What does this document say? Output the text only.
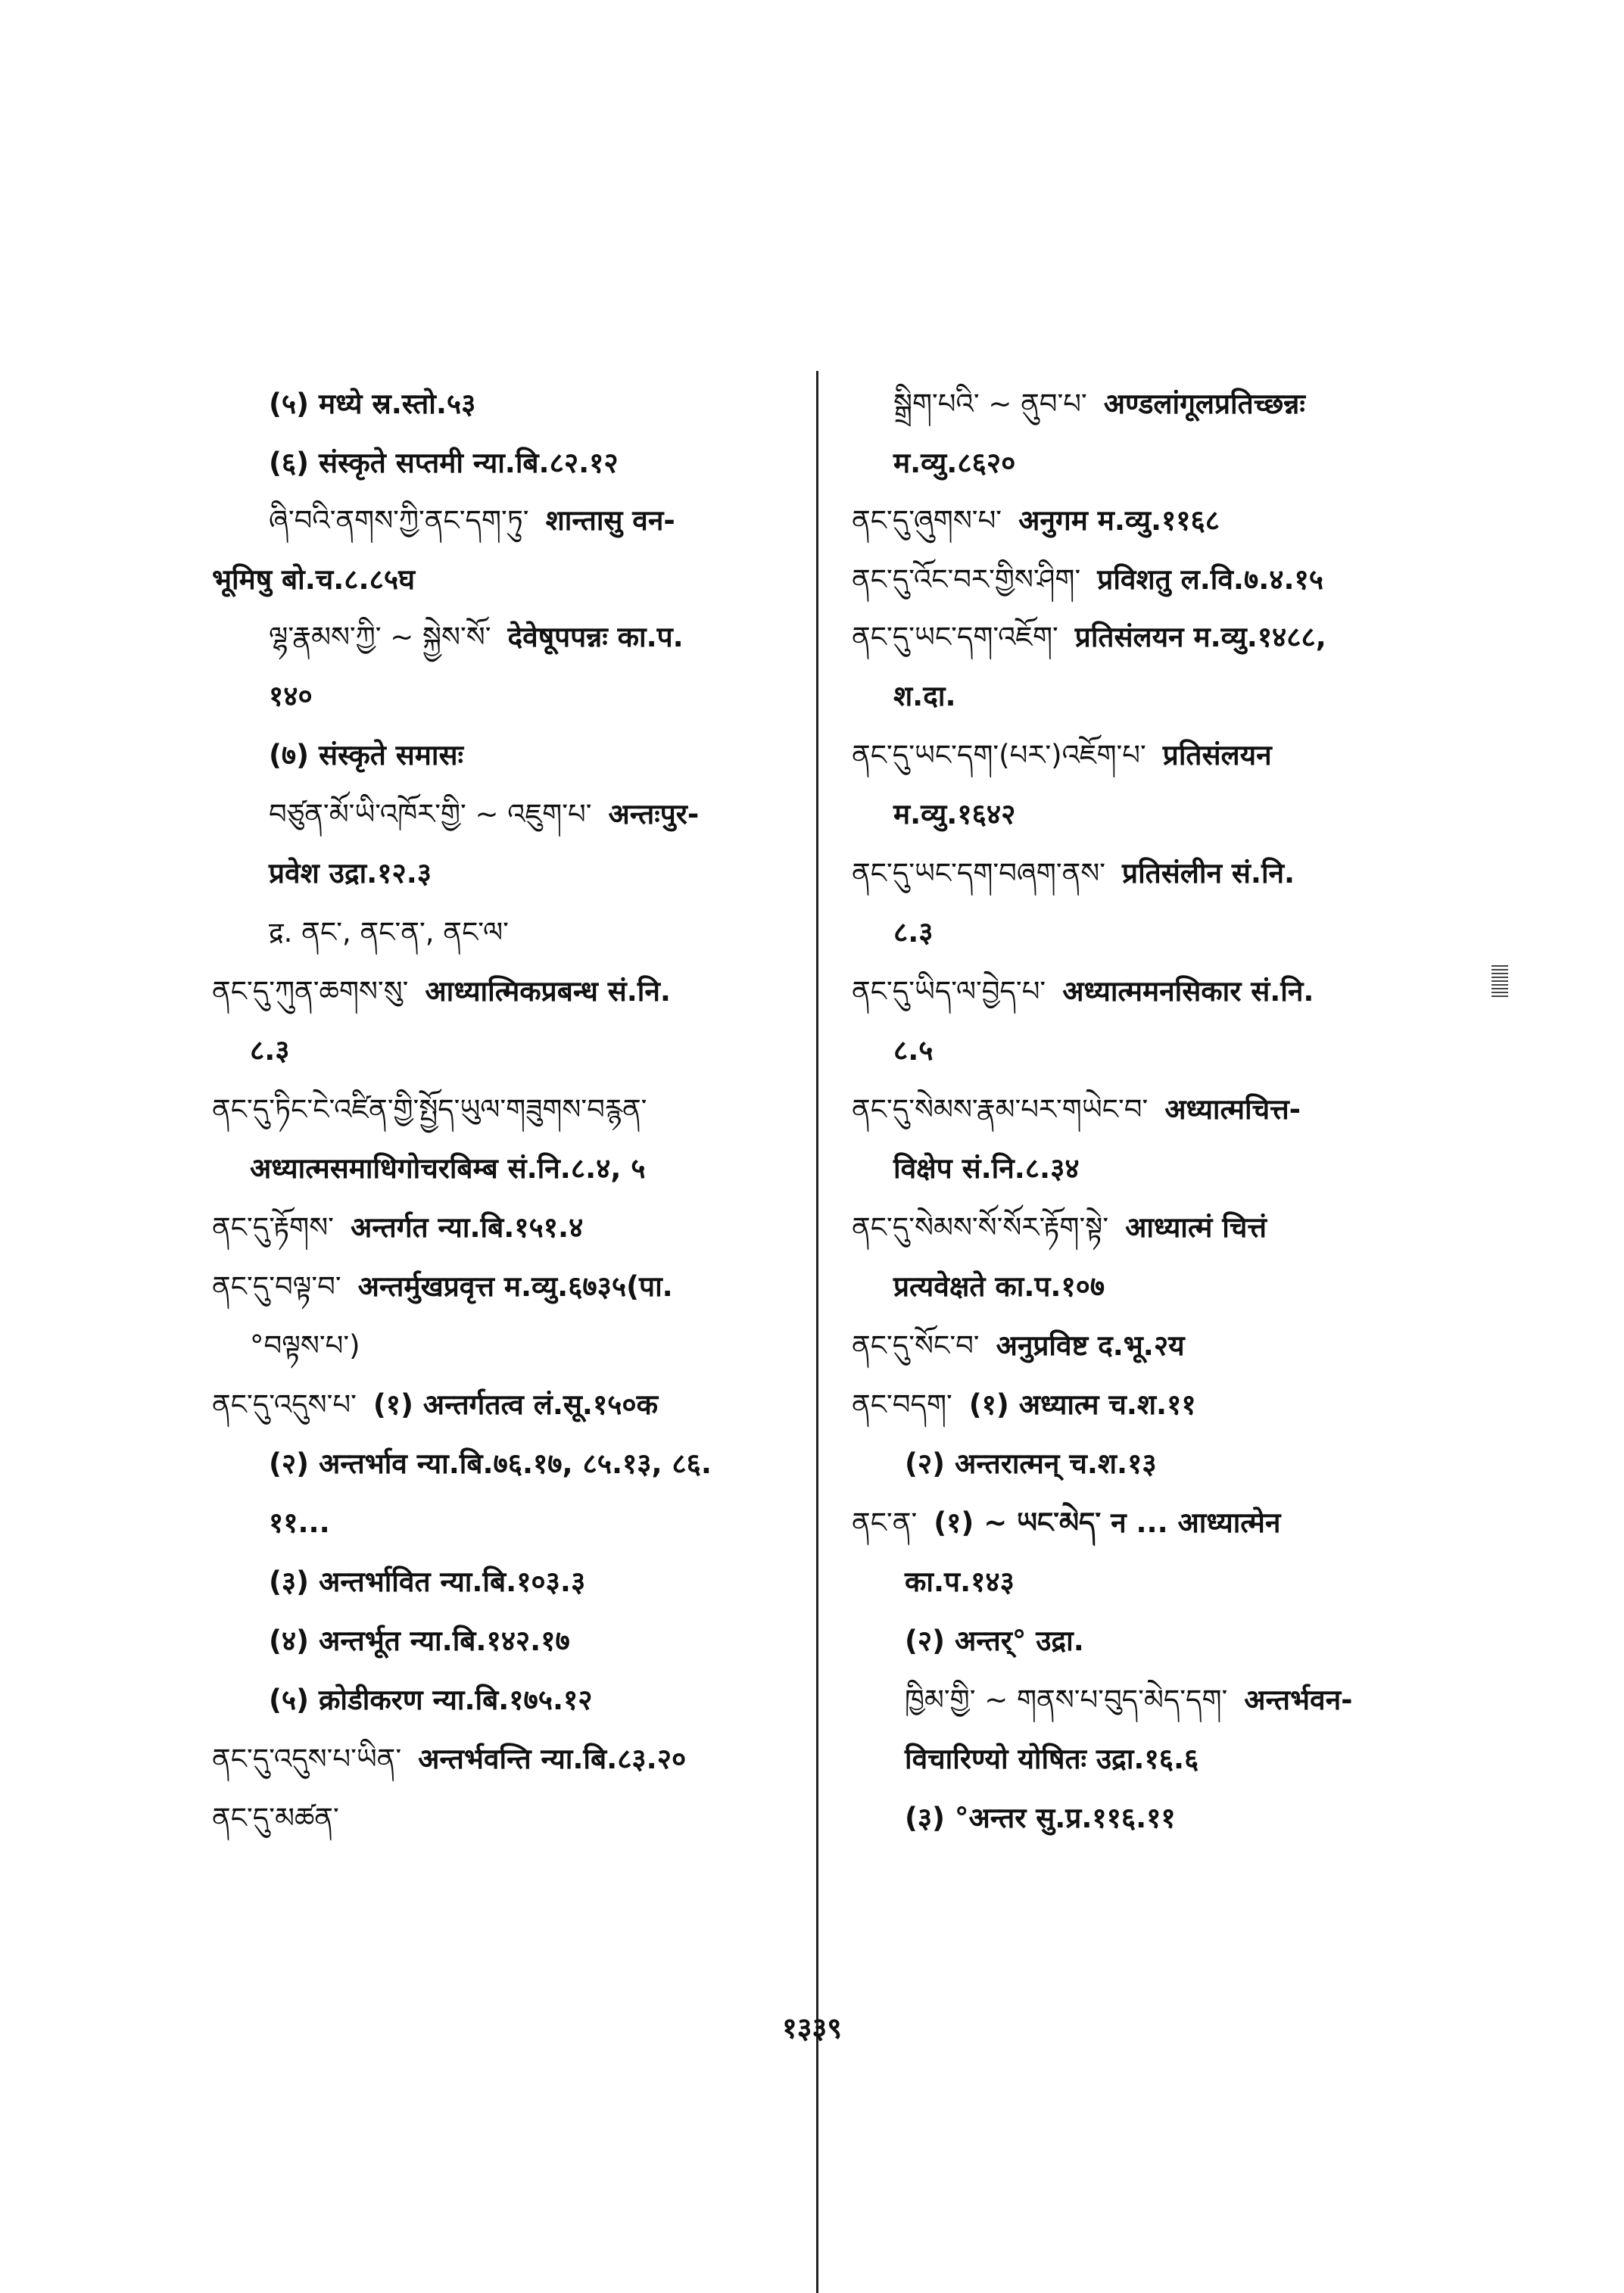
(५) मध्ये स्र.स्तो.५३
(६) संस्कृते सप्तमी न्या.बि.८२.१२
ཞི་བའི་ནགས་ཀྱི་ནང་དག་ཏུ་ शान्तासु वन-
भूमिषु बो.च.८.८५घ
ལྷ་རྣམས་ཀྱི་ ~ སྐྱེས་སོ་ देवेषूपपन्नः का.प.
१४०
(७) संस्कृते समासः
བཙུན་མོ་ཡི་འཁོར་གྱི་ ~ འཇུག་པ་ अन्तःपुर-
प्रवेश उद्रा.१२.३
द्र. ནང་, ནང་ན་, ནང་ལ་
ནང་དུ་ཀུན་ཆགས་སུ་ आध्यात्मिकप्रबन्ध सं.नि.
८.३
ནང་དུ་ཏིང་ངེ་འཛིན་གྱི་སྤྱོད་ཡུལ་གཟུགས་བརྙན་
अध्यात्मसमाधिगोचरबिम्ब सं.नि.८.४, ५
ནང་དུ་རྟོགས་ अन्तर्गत न्या.बि.१५१.४
ནང་དུ་བལྟ་བ་ अन्तर्मुखप्रवृत्त म.व्यु.६७३५(पा.
°བལྟས་པ་)
ནང་དུ་འདུས་པ་ (१) अन्तर्गतत्व लं.सू.१५०क
(२) अन्तर्भाव न्या.बि.७६.१७, ८५.१३, ८६.
११...
(३) अन्तर्भावित न्या.बि.१०३.३
(४) अन्तर्भूत न्या.बि.१४२.१७
(५) क्रोडीकरण न्या.बि.१७५.१२
ནང་དུ་འདུས་པ་ཡིན་ अन्तर्भवन्ति न्या.बि.८३.२०
ནང་དུ་མཚན་
སྒྲིག་པའི་ ~ ནུབ་པ་ अण्डलांगूलप्रतिच्छन्नः
म.व्यु.८६२०
ནང་དུ་ཞུགས་པ་ अनुगम म.व्यु.११६८
ནང་དུ་འོང་བར་གྱིས་ཤིག་ प्रविशतु ल.वि.७.४.१५
ནང་དུ་ཡང་དག་འཇོག་ प्रतिसंलयन म.व्यु.१४८८,
श.दा.
ནང་དུ་ཡང་དག་(པར་)འཇོག་པ་ प्रतिसंलयन
म.व्यु.१६४२
ནང་དུ་ཡང་དག་བཞག་ནས་ प्रतिसंलीन सं.नि.
८.३
ནང་དུ་ཡིད་ལ་བྱེད་པ་ अध्यात्ममनसिकार सं.नि.
८.५
ནང་དུ་སེམས་རྣམ་པར་གཡེང་བ་ अध्यात्मचित्त-
विक्षेप सं.नि.८.३४
ནང་དུ་སེམས་སོ་སོར་རྟོག་སྟེ་ आध्यात्मं चित्तं
प्रत्यवेक्षते का.प.१०७
ནང་དུ་སོང་བ་ अनुप्रविष्ट द.भू.२य
ནང་བདག་ (१) अध्यात्म च.श.११
(२) अन्तरात्मन् च.श.१३
ནང་ན་ (१) ~ ཡང་མེད་ न ... आध्यात्मेन
का.प.१४३
(२) अन्तर्° उद्रा.
ཁྱིམ་གྱི་ ~ གནས་པ་བུད་མེད་དག་ अन्तर्भवन-
विचारिण्यो योषितः उद्रा.१६.६
(३) °अन्तर सु.प्र.११६.११
१३३९
